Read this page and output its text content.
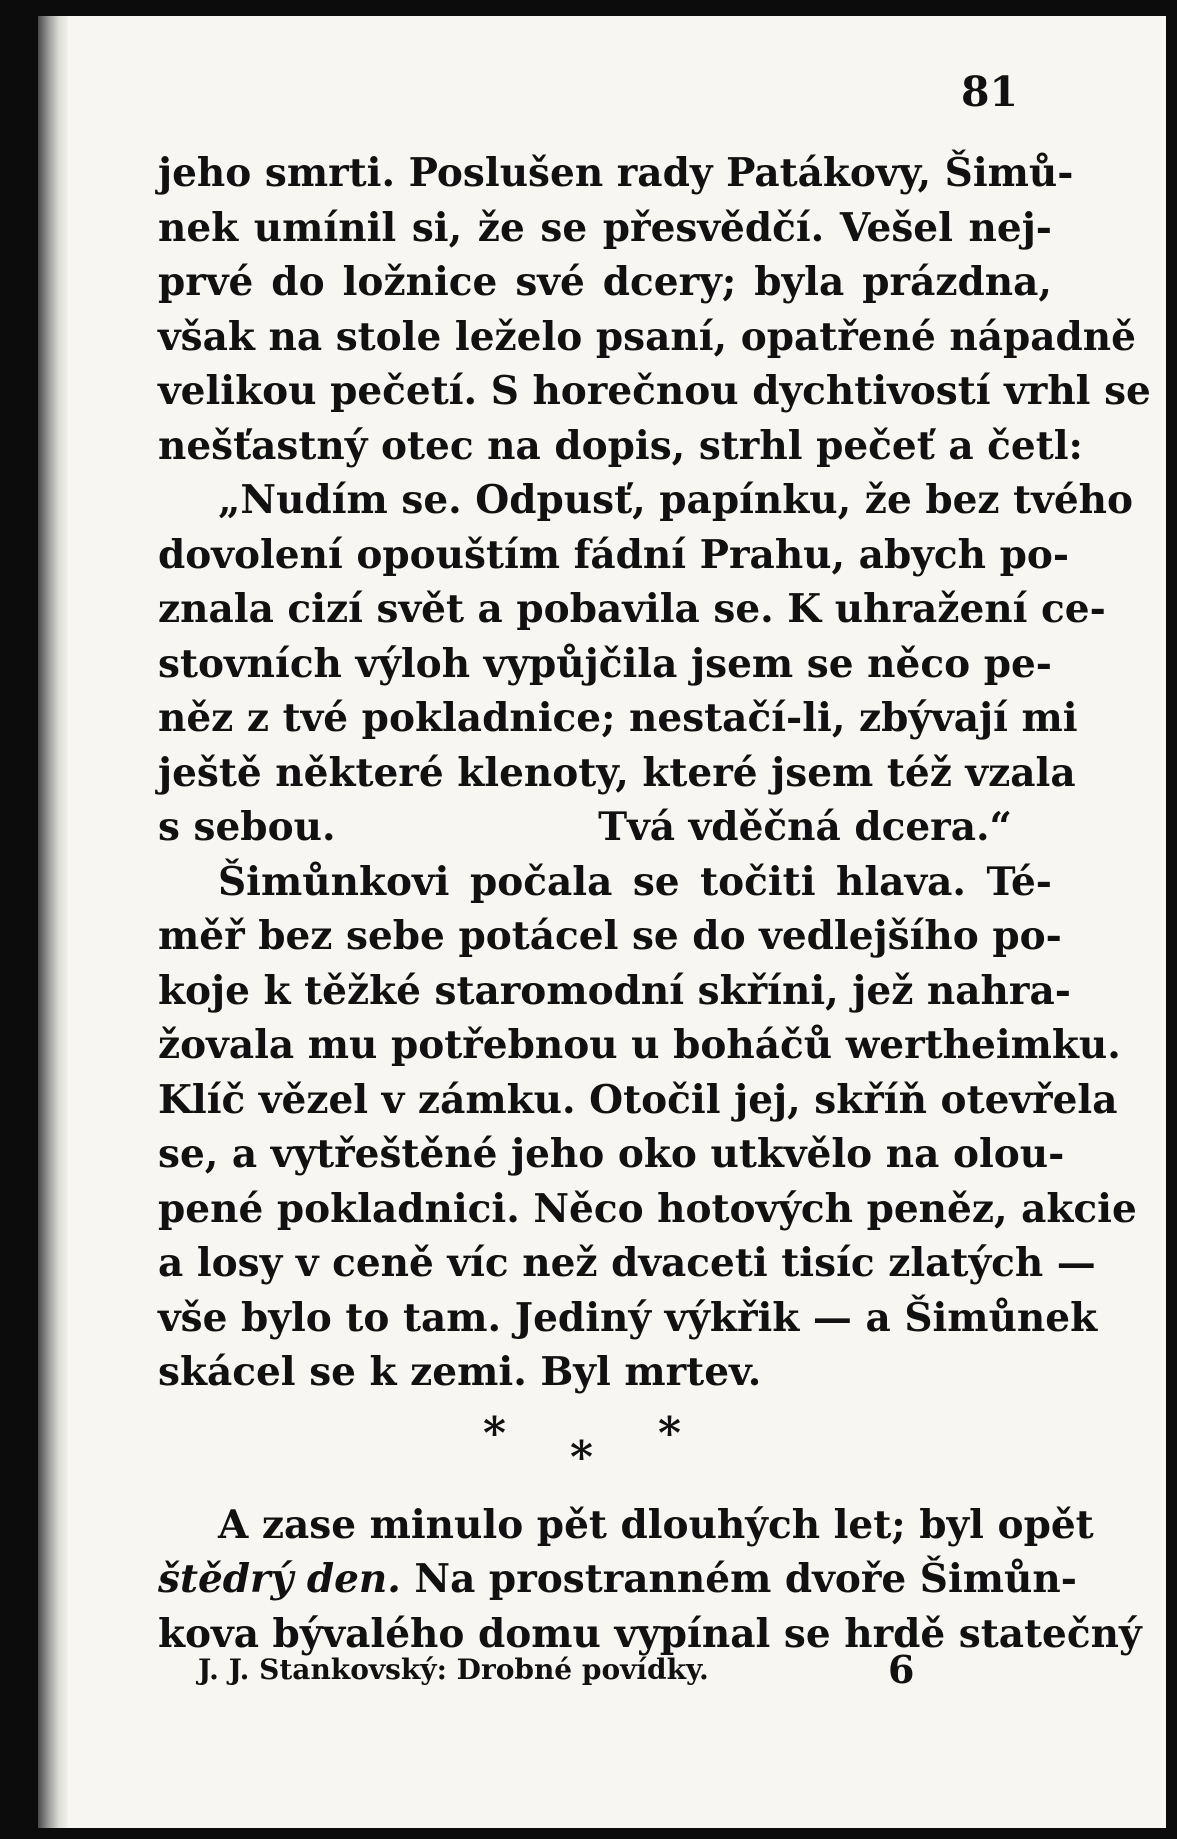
81
jeho smrti. Poslušen rady Patákovy, Šimů-
nek umínil si, že se přesvědčí. Vešel nej-
prvé do ložnice své dcery; byla prázdna,
však na stole leželo psaní, opatřené nápadně
velikou pečetí. S horečnou dychtivostí vrhl se
nešťastný otec na dopis, strhl pečeť a četl:
„Nudím se. Odpusť, papínku, že bez tvého
dovolení opouštím fádní Prahu, abych po-
znala cizí svět a pobavila se. K uhražení ce-
stovních výloh vypůjčila jsem se něco pe-
něz z tvé pokladnice; nestačí-li, zbývají mi
ještě některé klenoty, které jsem též vzala
s sebou.	Tvá vděčná dcera.“
Šimůnkovi počala se točiti hlava. Té-
měř bez sebe potácel se do vedlejšího po-
koje k těžké staromodní skříni, jež nahra-
žovala mu potřebnou u boháčů wertheimku.
Klíč vězel v zámku. Otočil jej, skříň otevřela
se, a vytřeštěné jeho oko utkvělo na olou-
pené pokladnici. Něco hotových peněz, akcie
a losy v ceně víc než dvaceti tisíc zlatých —
vše bylo to tam. Jediný výkřik — a Šimůnek
skácel se k zemi. Byl mrtev.
* * *
A zase minulo pět dlouhých let; byl opět
štědrý den. Na prostranném dvoře Šimůn-
kova bývalého domu vypínal se hrdě statečný
J. J. Stankovský: Drobné povídky.	6
